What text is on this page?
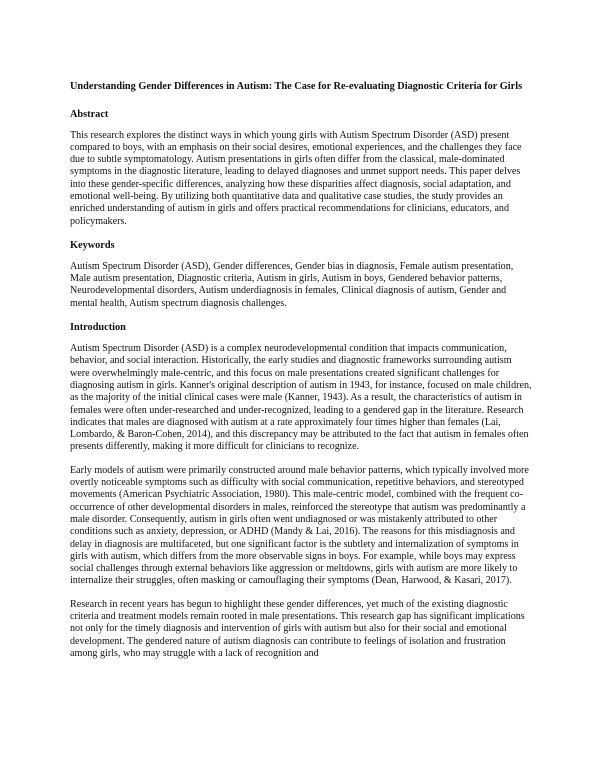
Understanding Gender Differences in Autism: The Case for Re-evaluating Diagnostic Criteria for Girls
Abstract
This research explores the distinct ways in which young girls with Autism Spectrum Disorder (ASD) present compared to boys, with an emphasis on their social desires, emotional experiences, and the challenges they face due to subtle symptomatology. Autism presentations in girls often differ from the classical, male-dominated symptoms in the diagnostic literature, leading to delayed diagnoses and unmet support needs. This paper delves into these gender-specific differences, analyzing how these disparities affect diagnosis, social adaptation, and emotional well-being. By utilizing both quantitative data and qualitative case studies, the study provides an enriched understanding of autism in girls and offers practical recommendations for clinicians, educators, and policymakers.
Keywords
Autism Spectrum Disorder (ASD), Gender differences, Gender bias in diagnosis, Female autism presentation, Male autism presentation, Diagnostic criteria, Autism in girls, Autism in boys, Gendered behavior patterns, Neurodevelopmental disorders, Autism underdiagnosis in females, Clinical diagnosis of autism, Gender and mental health, Autism spectrum diagnosis challenges.
Introduction
Autism Spectrum Disorder (ASD) is a complex neurodevelopmental condition that impacts communication, behavior, and social interaction. Historically, the early studies and diagnostic frameworks surrounding autism were overwhelmingly male-centric, and this focus on male presentations created significant challenges for diagnosing autism in girls. Kanner's original description of autism in 1943, for instance, focused on male children, as the majority of the initial clinical cases were male (Kanner, 1943). As a result, the characteristics of autism in females were often under-researched and under-recognized, leading to a gendered gap in the literature. Research indicates that males are diagnosed with autism at a rate approximately four times higher than females (Lai, Lombardo, & Baron-Cohen, 2014), and this discrepancy may be attributed to the fact that autism in females often presents differently, making it more difficult for clinicians to recognize.
Early models of autism were primarily constructed around male behavior patterns, which typically involved more overtly noticeable symptoms such as difficulty with social communication, repetitive behaviors, and stereotyped movements (American Psychiatric Association, 1980). This male-centric model, combined with the frequent co-occurrence of other developmental disorders in males, reinforced the stereotype that autism was predominantly a male disorder. Consequently, autism in girls often went undiagnosed or was mistakenly attributed to other conditions such as anxiety, depression, or ADHD (Mandy & Lai, 2016). The reasons for this misdiagnosis and delay in diagnosis are multifaceted, but one significant factor is the subtlety and internalization of symptoms in girls with autism, which differs from the more observable signs in boys. For example, while boys may express social challenges through external behaviors like aggression or meltdowns, girls with autism are more likely to internalize their struggles, often masking or camouflaging their symptoms (Dean, Harwood, & Kasari, 2017).
Research in recent years has begun to highlight these gender differences, yet much of the existing diagnostic criteria and treatment models remain rooted in male presentations. This research gap has significant implications not only for the timely diagnosis and intervention of girls with autism but also for their social and emotional development. The gendered nature of autism diagnosis can contribute to feelings of isolation and frustration among girls, who may struggle with a lack of recognition and
